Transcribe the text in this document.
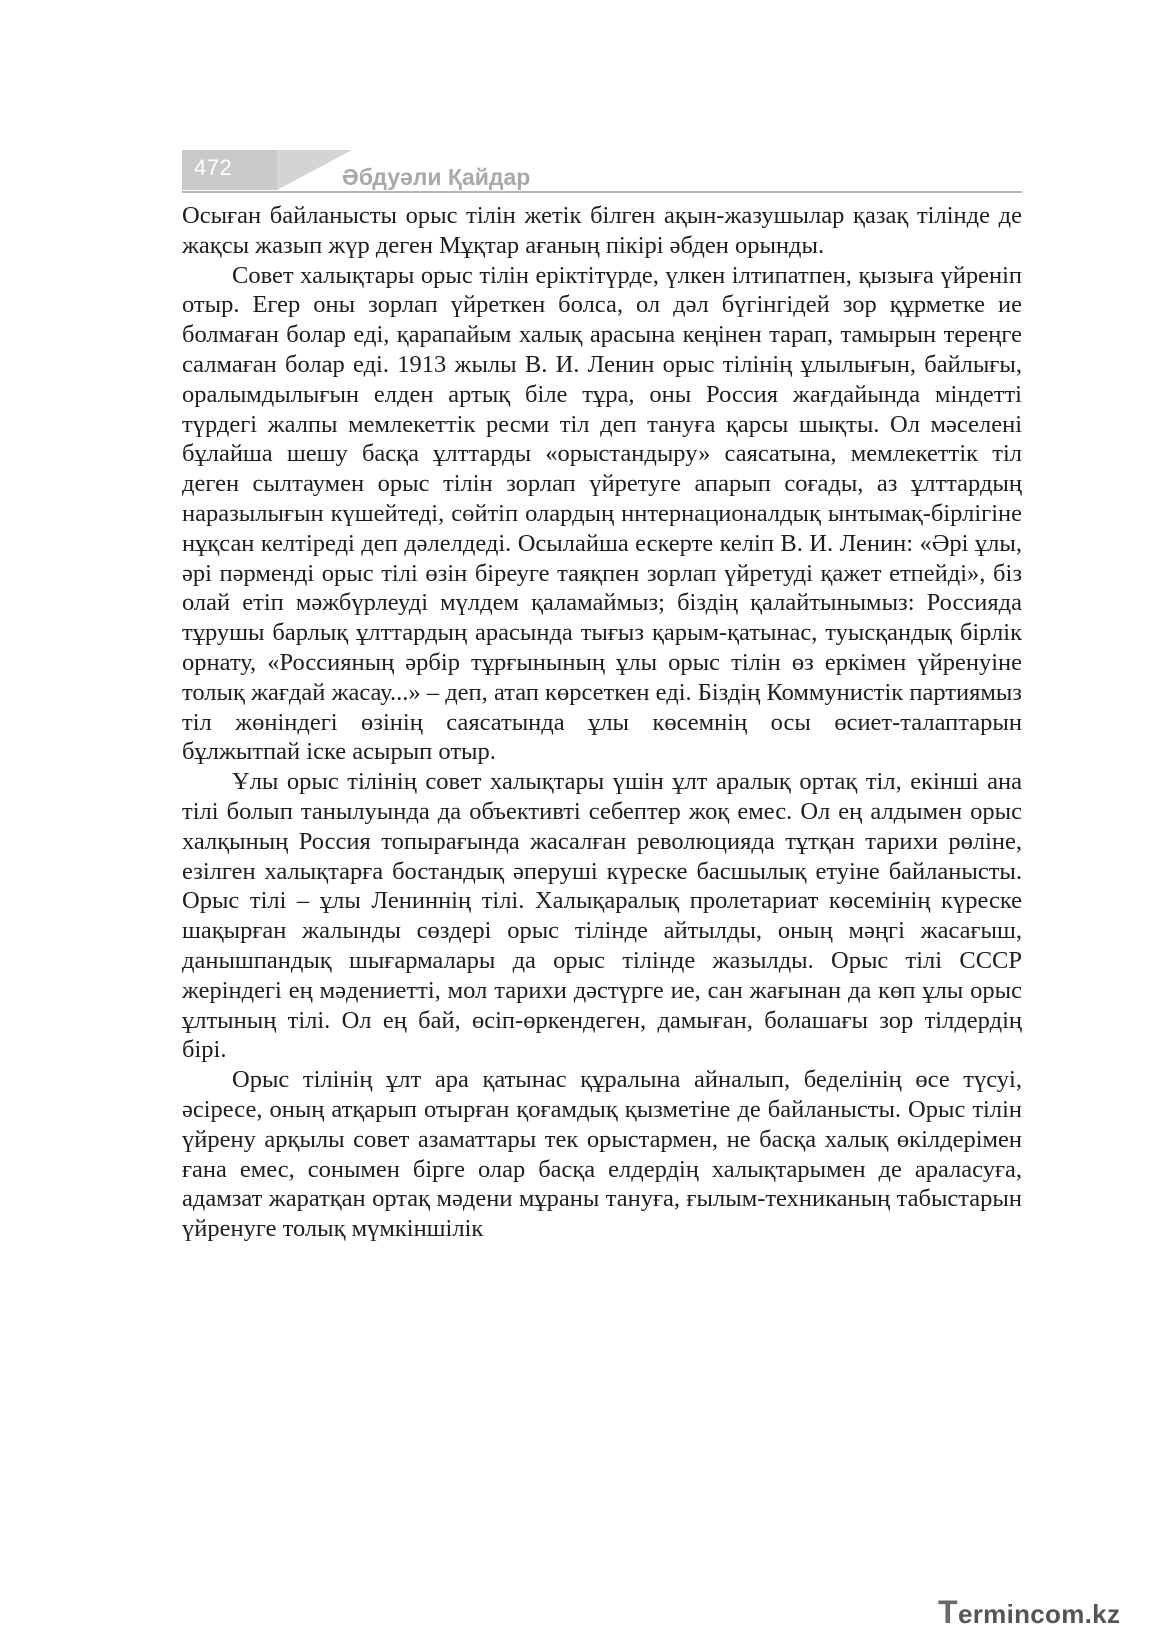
472	Әбдуәли Қайдар

Осыған байланысты орыс тілін жетік білген ақын-жазушылар қазақ тілінде де жақсы жазып жүр деген Мұқтар ағаның пікірі әбден орынды.

Совет халықтары орыс тілін еріктітүрде, үлкен ілтипатпен, қызыға үйреніп отыр. Егер оны зорлап үйреткен болса, ол дәл бүгінгідей зор құрметке ие болмаған болар еді, қарапайым халық арасына кеңінен тарап, тамырын тереңге салмаған болар еді. 1913 жылы В. И. Ленин орыс тілінің ұлылығын, байлығы, оралымдылығын елден артық біле тұра, оны Россия жағдайында міндетті түрдегі жалпы мемлекеттік ресми тіл деп тануға қарсы шықты. Ол мәселені бұлайша шешу басқа ұлттарды «орыстандыру» саясатына, мемлекеттік тіл деген сылтаумен орыс тілін зорлап үйретуге апарып соғады, аз ұлттардың наразылығын күшейтеді, сөйтіп олардың ннтернационалдық ынтымақ-бірлігіне нұқсан келтіреді деп дәлелдеді. Осылайша ескерте келіп В. И. Ленин: «Әрі ұлы, әрі пәрменді орыс тілі өзін біреуге таяқпен зорлап үйретуді қажет етпейді», біз олай етіп мәжбүрлеуді мүлдем қаламаймыз; біздің қалайтынымыз: Россияда тұрушы барлық ұлттардың арасында тығыз қарым-қатынас, туысқандық бірлік орнату, «Россияның әрбір тұрғынының ұлы орыс тілін өз еркімен үйренуіне толық жағдай жасау...» – деп, атап көрсеткен еді. Біздің Коммунистік партиямыз тіл жөніндегі өзінің саясатында ұлы көсемнің осы өсиет-талаптарын бұлжытпай іске асырып отыр.

Ұлы орыс тілінің совет халықтары үшін ұлт аралық ортақ тіл, екінші ана тілі болып танылуында да объективті себептер жоқ емес. Ол ең алдымен орыс халқының Россия топырағында жасалған революцияда тұтқан тарихи рөліне, езілген халықтарға бостандық әперуші күреске басшылық етуіне байланысты. Орыс тілі – ұлы Лениннің тілі. Халықаралық пролетариат көсемінің күреске шақырған жалынды сөздері орыс тілінде айтылды, оның мәңгі жасағыш, данышпандық шығармалары да орыс тілінде жазылды. Орыс тілі СССР жеріндегі ең мәдениетті, мол тарихи дәстүрге ие, сан жағынан да көп ұлы орыс ұлтының тілі. Ол ең бай, өсіп-өркендеген, дамыған, болашағы зор тілдердің бірі.

Орыс тілінің ұлт ара қатынас құралына айналып, беделінің өсе түсуі, әсіресе, оның атқарып отырған қоғамдық қызметіне де байланысты. Орыс тілін үйрену арқылы совет азаматтары тек орыстармен, не басқа халық өкілдерімен ғана емес, сонымен бірге олар басқа елдердің халықтарымен де араласуға, адамзат жаратқан ортақ мәдени мұраны тануға, ғылым-техниканың табыстарын үйренуге толық мүмкіншілік

T ermincom.kz
